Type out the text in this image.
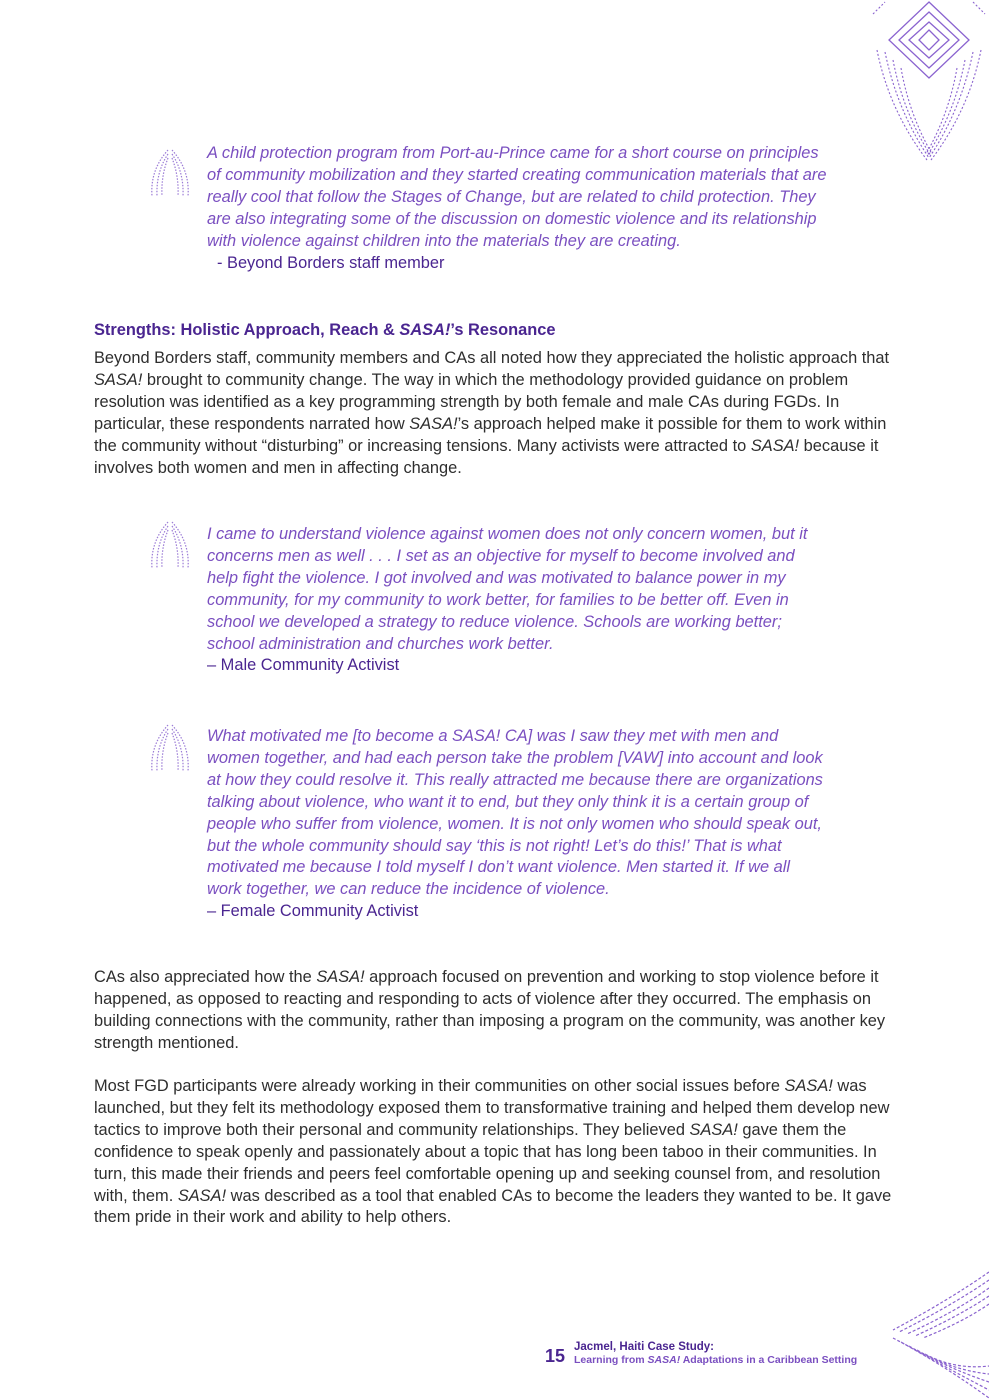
A child protection program from Port-au-Prince came for a short course on principles of community mobilization and they started creating communication materials that are really cool that follow the Stages of Change, but are related to child protection. They are also integrating some of the discussion on domestic violence and its relationship with violence against children into the materials they are creating.

- Beyond Borders staff member

Strengths: Holistic Approach, Reach & SASA!’s Resonance

Beyond Borders staff, community members and CAs all noted how they appreciated the holistic approach that SASA! brought to community change. The way in which the methodology provided guidance on problem resolution was identified as a key programming strength by both female and male CAs during FGDs. In particular, these respondents narrated how SASA!’s approach helped make it possible for them to work within the community without “disturbing” or increasing tensions. Many activists were attracted to SASA! because it involves both women and men in affecting change.

I came to understand violence against women does not only concern women, but it concerns men as well . . . I set as an objective for myself to become involved and help fight the violence. I got involved and was motivated to balance power in my community, for my community to work better, for families to be better off. Even in school we developed a strategy to reduce violence. Schools are working better; school administration and churches work better.

– Male Community Activist

What motivated me [to become a SASA! CA] was I saw they met with men and women together, and had each person take the problem [VAW] into account and look at how they could resolve it. This really attracted me because there are organizations talking about violence, who want it to end, but they only think it is a certain group of people who suffer from violence, women. It is not only women who should speak out, but the whole community should say ‘this is not right! Let’s do this!’ That is what motivated me because I told myself I don’t want violence. Men started it. If we all work together, we can reduce the incidence of violence.

– Female Community Activist

CAs also appreciated how the SASA! approach focused on prevention and working to stop violence before it happened, as opposed to reacting and responding to acts of violence after they occurred. The emphasis on building connections with the community, rather than imposing a program on the community, was another key strength mentioned.

Most FGD participants were already working in their communities on other social issues before SASA! was launched, but they felt its methodology exposed them to transformative training and helped them develop new tactics to improve both their personal and community relationships. They believed SASA! gave them the confidence to speak openly and passionately about a topic that has long been taboo in their communities. In turn, this made their friends and peers feel comfortable opening up and seeking counsel from, and resolution with, them. SASA! was described as a tool that enabled CAs to become the leaders they wanted to be. It gave them pride in their work and ability to help others.

15 Jacmel, Haiti Case Study:
Learning from SASA! Adaptations in a Caribbean Setting
